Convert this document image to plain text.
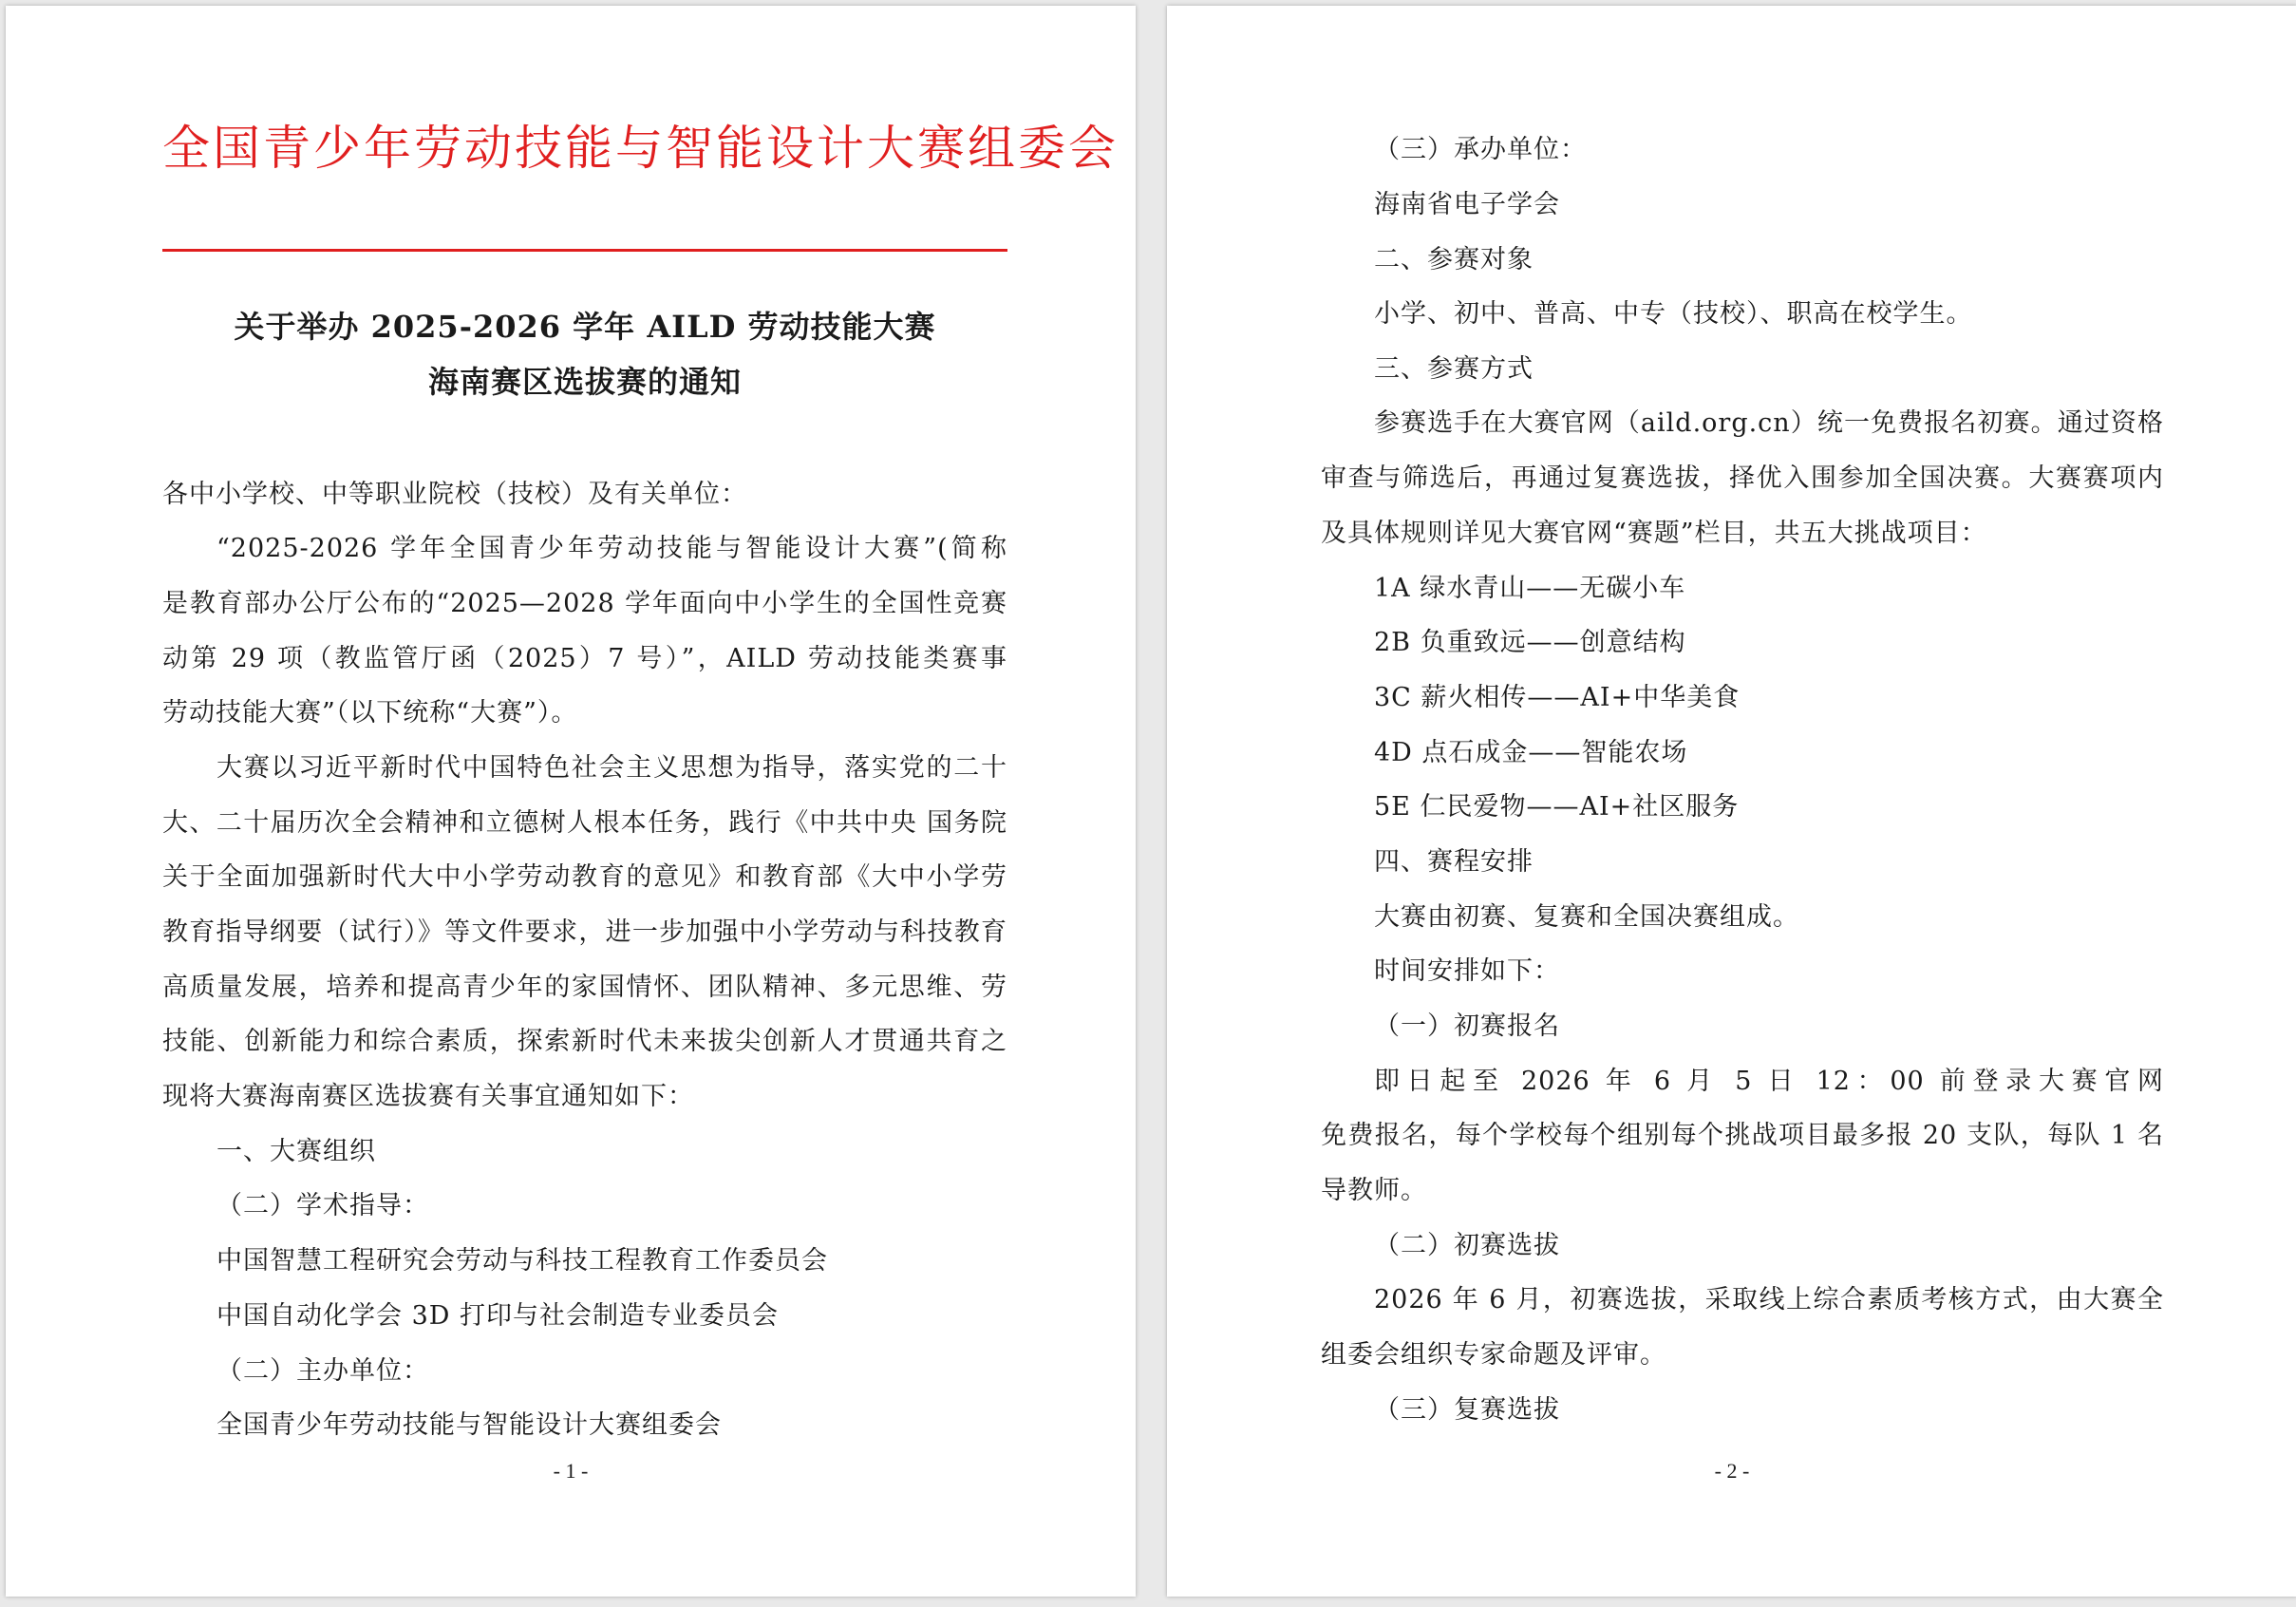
全国青少年劳动技能与智能设计大赛组委会
关于举办 2025-2026 学年 AILD 劳动技能大赛
海南赛区选拔赛的通知
各中小学校、中等职业院校（技校）及有关单位：
“2025-2026 学年全国青少年劳动技能与智能设计大赛”(简称
是教育部办公厅公布的“2025—2028 学年面向中小学生的全国性竞赛
动第 29 项（教监管厅函（2025）7 号）”，AILD 劳动技能类赛事
劳动技能大赛”（以下统称“大赛”）。
大赛以习近平新时代中国特色社会主义思想为指导，落实党的二十
大、二十届历次全会精神和立德树人根本任务，践行《中共中央 国务院
关于全面加强新时代大中小学劳动教育的意见》和教育部《大中小学劳
教育指导纲要（试行）》等文件要求，进一步加强中小学劳动与科技教育
高质量发展，培养和提高青少年的家国情怀、团队精神、多元思维、劳
技能、创新能力和综合素质，探索新时代未来拔尖创新人才贯通共育之
现将大赛海南赛区选拔赛有关事宜通知如下：
一、大赛组织
（二）学术指导：
中国智慧工程研究会劳动与科技工程教育工作委员会
中国自动化学会 3D 打印与社会制造专业委员会
（二）主办单位：
全国青少年劳动技能与智能设计大赛组委会
- 1 -
（三）承办单位：
海南省电子学会
二、参赛对象
小学、初中、普高、中专（技校）、职高在校学生。
三、参赛方式
参赛选手在大赛官网（aild.org.cn）统一免费报名初赛。通过资格
审查与筛选后，再通过复赛选拔，择优入围参加全国决赛。大赛赛项内
及具体规则详见大赛官网“赛题”栏目，共五大挑战项目：
1A 绿水青山——无碳小车
2B 负重致远——创意结构
3C 薪火相传——AI+中华美食
4D 点石成金——智能农场
5E 仁民爱物——AI+社区服务
四、赛程安排
大赛由初赛、复赛和全国决赛组成。
时间安排如下：
（一）初赛报名
即日起至 2026 年 6 月 5 日 12：00 前登录大赛官网
免费报名，每个学校每个组别每个挑战项目最多报 20 支队，每队 1 名
导教师。
（二）初赛选拔
2026 年 6 月，初赛选拔，采取线上综合素质考核方式，由大赛全
组委会组织专家命题及评审。
（三）复赛选拔
- 2 -
